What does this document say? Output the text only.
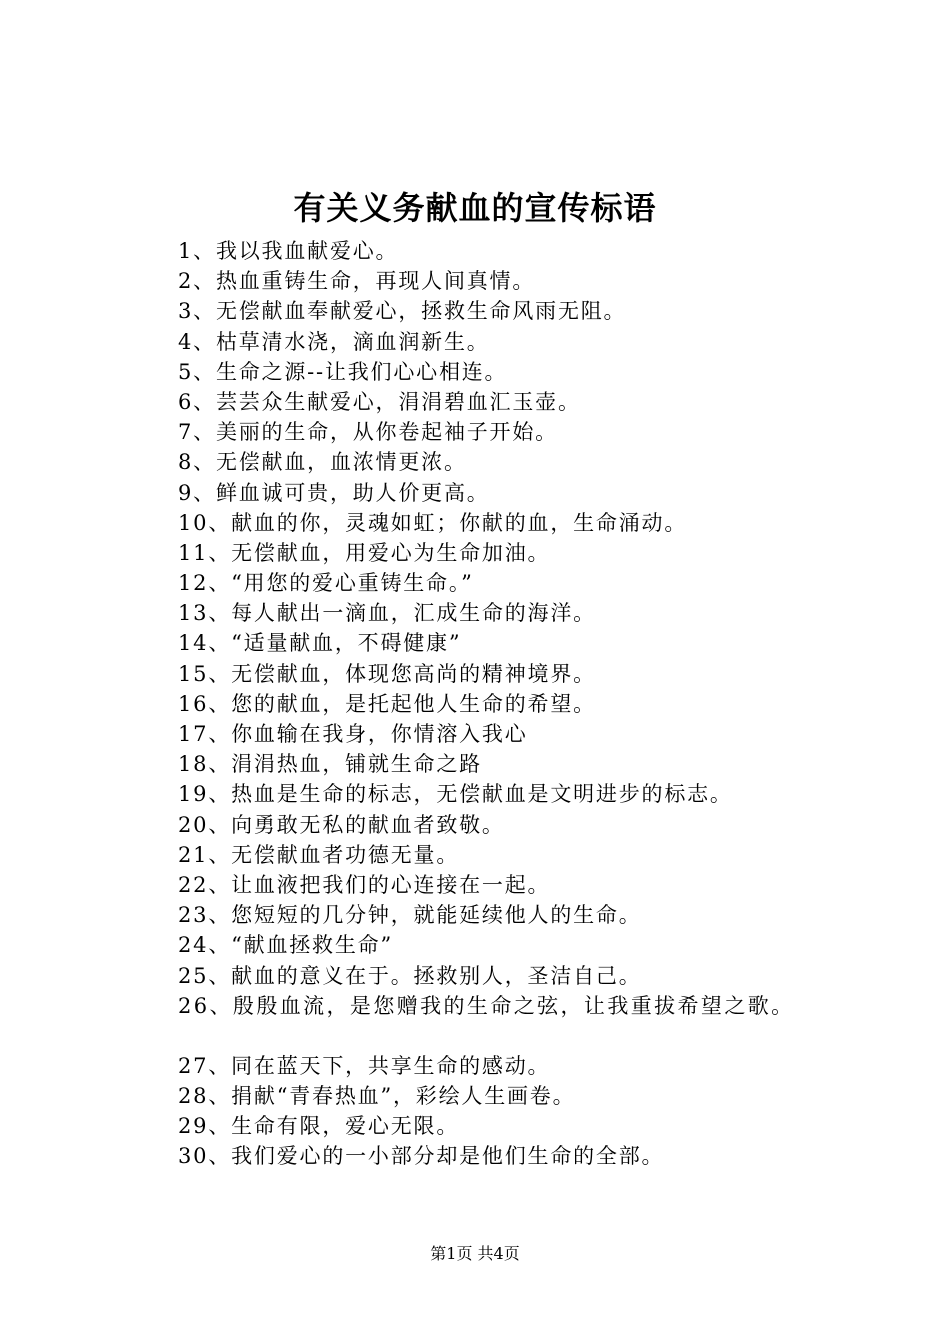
有关义务献血的宣传标语
1、我以我血献爱心。
2、热血重铸生命，再现人间真情。
3、无偿献血奉献爱心，拯救生命风雨无阻。
4、枯草清水浇，滴血润新生。
5、生命之源--让我们心心相连。
6、芸芸众生献爱心，涓涓碧血汇玉壶。
7、美丽的生命，从你卷起袖子开始。
8、无偿献血，血浓情更浓。
9、鲜血诚可贵，助人价更高。
10、献血的你，灵魂如虹；你献的血，生命涌动。
11、无偿献血，用爱心为生命加油。
12、“用您的爱心重铸生命。”
13、每人献出一滴血，汇成生命的海洋。
14、“适量献血，不碍健康”
15、无偿献血，体现您高尚的精神境界。
16、您的献血，是托起他人生命的希望。
17、你血输在我身，你情溶入我心
18、涓涓热血，铺就生命之路
19、热血是生命的标志，无偿献血是文明进步的标志。
20、向勇敢无私的献血者致敬。
21、无偿献血者功德无量。
22、让血液把我们的心连接在一起。
23、您短短的几分钟，就能延续他人的生命。
24、“献血拯救生命”
25、献血的意义在于。拯救别人，圣洁自己。
26、殷殷血流，是您赠我的生命之弦，让我重拔希望之歌。
27、同在蓝天下，共享生命的感动。
28、捐献“青春热血”，彩绘人生画卷。
29、生命有限，爱心无限。
30、我们爱心的一小部分却是他们生命的全部。
第1页 共4页
